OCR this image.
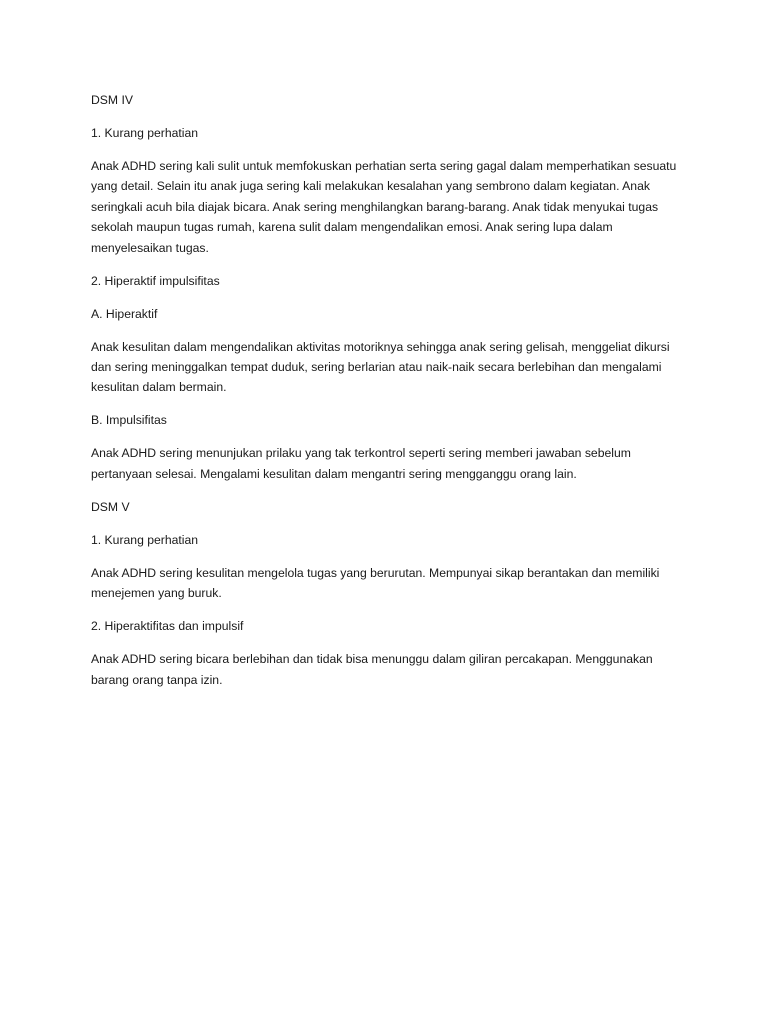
DSM IV

1. Kurang perhatian

Anak ADHD sering kali sulit untuk memfokuskan perhatian serta sering gagal dalam memperhatikan sesuatu yang detail. Selain itu anak juga sering kali melakukan kesalahan yang sembrono dalam kegiatan. Anak seringkali acuh bila diajak bicara. Anak sering menghilangkan barang-barang. Anak tidak menyukai tugas sekolah maupun tugas rumah, karena sulit dalam mengendalikan emosi. Anak sering lupa dalam menyelesaikan tugas.

2. Hiperaktif impulsifitas

A. Hiperaktif

Anak kesulitan dalam mengendalikan aktivitas motoriknya sehingga anak sering gelisah, menggeliat dikursi dan sering meninggalkan tempat duduk, sering berlarian atau naik-naik secara berlebihan dan mengalami kesulitan dalam bermain.

B. Impulsifitas

Anak ADHD sering menunjukan prilaku yang tak terkontrol seperti sering memberi jawaban sebelum pertanyaan selesai. Mengalami kesulitan dalam mengantri sering mengganggu orang lain.

DSM V

1. Kurang perhatian

Anak ADHD sering kesulitan mengelola tugas yang berurutan. Mempunyai sikap berantakan dan memiliki menejemen yang buruk.

2. Hiperaktifitas dan impulsif

Anak ADHD sering bicara berlebihan dan tidak bisa menunggu dalam giliran percakapan. Menggunakan barang orang tanpa izin.
